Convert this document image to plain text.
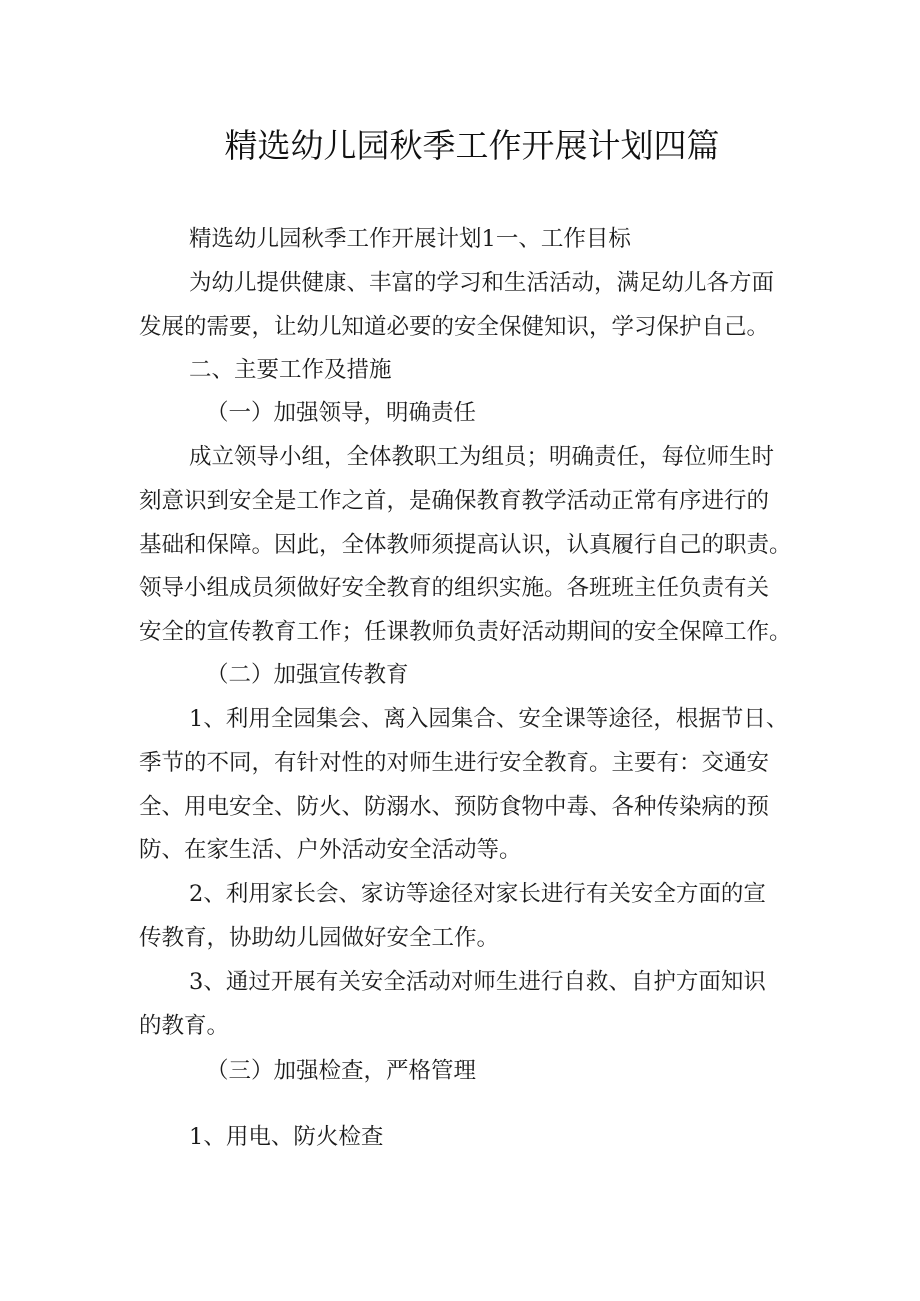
精选幼儿园秋季工作开展计划四篇
精选幼儿园秋季工作开展计划1一、工作目标
为幼儿提供健康、丰富的学习和生活活动，满足幼儿各方面
发展的需要，让幼儿知道必要的安全保健知识，学习保护自己。
二、主要工作及措施
（一）加强领导，明确责任
成立领导小组，全体教职工为组员；明确责任，每位师生时
刻意识到安全是工作之首，是确保教育教学活动正常有序进行的
基础和保障。因此，全体教师须提高认识，认真履行自己的职责。
领导小组成员须做好安全教育的组织实施。各班班主任负责有关
安全的宣传教育工作；任课教师负责好活动期间的安全保障工作。
（二）加强宣传教育
1、利用全园集会、离入园集合、安全课等途径，根据节日、
季节的不同，有针对性的对师生进行安全教育。主要有：交通安
全、用电安全、防火、防溺水、预防食物中毒、各种传染病的预
防、在家生活、户外活动安全活动等。
2、利用家长会、家访等途径对家长进行有关安全方面的宣
传教育，协助幼儿园做好安全工作。
3、通过开展有关安全活动对师生进行自救、自护方面知识
的教育。
（三）加强检查，严格管理
1、用电、防火检查
